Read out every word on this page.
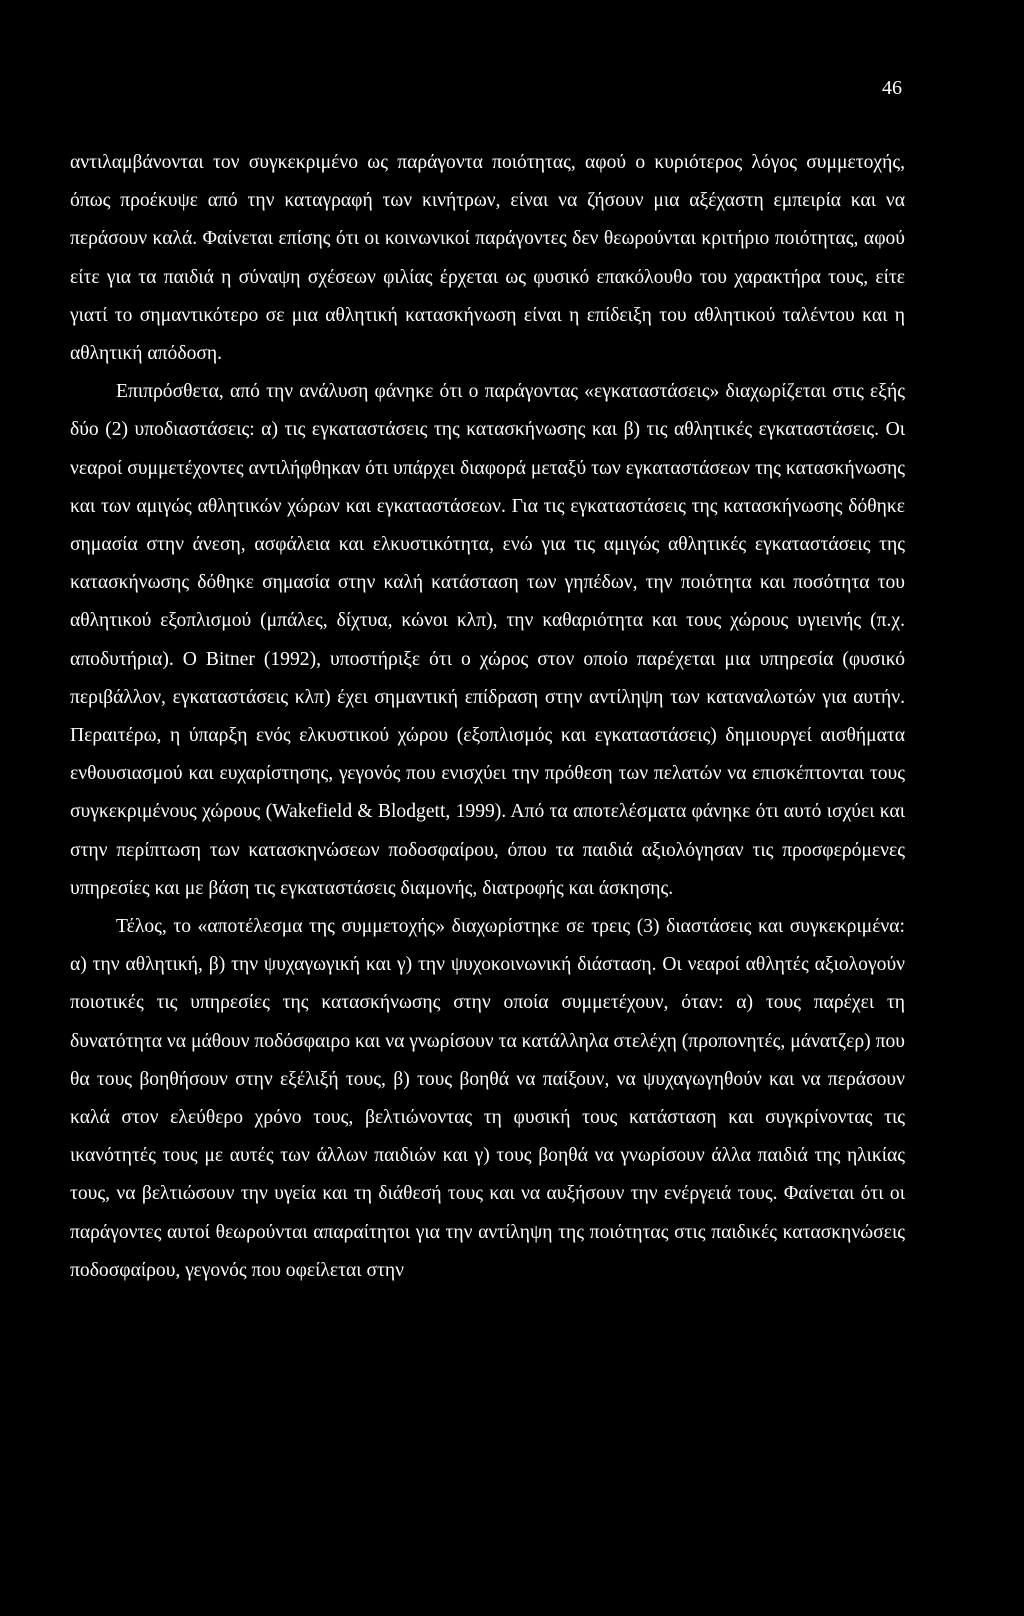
46

αντιλαμβάνονται τον συγκεκριμένο ως παράγοντα ποιότητας, αφού ο κυριότερος λόγος συμμετοχής, όπως προέκυψε από την καταγραφή των κινήτρων, είναι να ζήσουν μια αξέχαστη εμπειρία και να περάσουν καλά. Φαίνεται επίσης ότι οι κοινωνικοί παράγοντες δεν θεωρούνται κριτήριο ποιότητας, αφού είτε για τα παιδιά η σύναψη σχέσεων φιλίας έρχεται ως φυσικό επακόλουθο του χαρακτήρα τους, είτε γιατί το σημαντικότερο σε μια αθλητική κατασκήνωση είναι η επίδειξη του αθλητικού ταλέντου και η αθλητική απόδοση.

Επιπρόσθετα, από την ανάλυση φάνηκε ότι ο παράγοντας «εγκαταστάσεις» διαχωρίζεται στις εξής δύο (2) υποδιαστάσεις: α) τις εγκαταστάσεις της κατασκήνωσης και β) τις αθλητικές εγκαταστάσεις. Οι νεαροί συμμετέχοντες αντιλήφθηκαν ότι υπάρχει διαφορά μεταξύ των εγκαταστάσεων της κατασκήνωσης και των αμιγώς αθλητικών χώρων και εγκαταστάσεων. Για τις εγκαταστάσεις της κατασκήνωσης δόθηκε σημασία στην άνεση, ασφάλεια και ελκυστικότητα, ενώ για τις αμιγώς αθλητικές εγκαταστάσεις της κατασκήνωσης δόθηκε σημασία στην καλή κατάσταση των γηπέδων, την ποιότητα και ποσότητα του αθλητικού εξοπλισμού (μπάλες, δίχτυα, κώνοι κλπ), την καθαριότητα και τους χώρους υγιεινής (π.χ. αποδυτήρια). Ο Bitner (1992), υποστήριξε ότι ο χώρος στον οποίο παρέχεται μια υπηρεσία (φυσικό περιβάλλον, εγκαταστάσεις κλπ) έχει σημαντική επίδραση στην αντίληψη των καταναλωτών για αυτήν. Περαιτέρω, η ύπαρξη ενός ελκυστικού χώρου (εξοπλισμός και εγκαταστάσεις) δημιουργεί αισθήματα ενθουσιασμού και ευχαρίστησης, γεγονός που ενισχύει την πρόθεση των πελατών να επισκέπτονται τους συγκεκριμένους χώρους (Wakefield & Blodgett, 1999). Από τα αποτελέσματα φάνηκε ότι αυτό ισχύει και στην περίπτωση των κατασκηνώσεων ποδοσφαίρου, όπου τα παιδιά αξιολόγησαν τις προσφερόμενες υπηρεσίες και με βάση τις εγκαταστάσεις διαμονής, διατροφής και άσκησης.

Τέλος, το «αποτέλεσμα της συμμετοχής» διαχωρίστηκε σε τρεις (3) διαστάσεις και συγκεκριμένα: α) την αθλητική, β) την ψυχαγωγική και γ) την ψυχοκοινωνική διάσταση. Οι νεαροί αθλητές αξιολογούν ποιοτικές τις υπηρεσίες της κατασκήνωσης στην οποία συμμετέχουν, όταν: α) τους παρέχει τη δυνατότητα να μάθουν ποδόσφαιρο και να γνωρίσουν τα κατάλληλα στελέχη (προπονητές, μάνατζερ) που θα τους βοηθήσουν στην εξέλιξή τους, β) τους βοηθά να παίξουν, να ψυχαγωγηθούν και να περάσουν καλά στον ελεύθερο χρόνο τους, βελτιώνοντας τη φυσική τους κατάσταση και συγκρίνοντας τις ικανότητές τους με αυτές των άλλων παιδιών και γ) τους βοηθά να γνωρίσουν άλλα παιδιά της ηλικίας τους, να βελτιώσουν την υγεία και τη διάθεσή τους και να αυξήσουν την ενέργειά τους. Φαίνεται ότι οι παράγοντες αυτοί θεωρούνται απαραίτητοι για την αντίληψη της ποιότητας στις παιδικές κατασκηνώσεις ποδοσφαίρου, γεγονός που οφείλεται στην
